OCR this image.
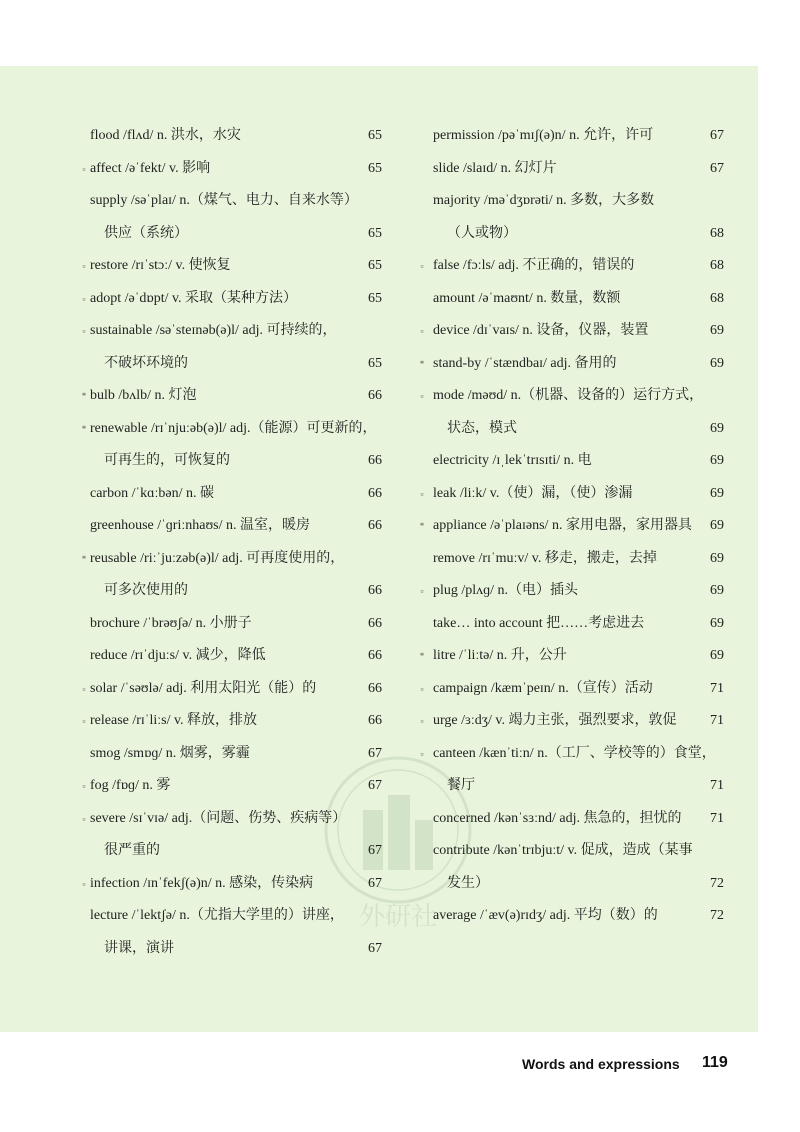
外研社
flood /flʌd/ n. 洪水，水灾	65
▫ affect /əˈfekt/ v. 影响	65
supply /səˈplaɪ/ n.（煤气、电力、自来水等）
供应（系统）	65
▫ restore /rɪˈstɔː/ v. 使恢复	65
▫ adopt /əˈdɒpt/ v. 采取（某种方法）	65
▫ sustainable /səˈsteɪnəb(ə)l/ adj. 可持续的，
不破坏环境的	65
* bulb /bʌlb/ n. 灯泡	66
* renewable /rɪˈnjuːəb(ə)l/ adj.（能源）可更新的，
可再生的，可恢复的	66
carbon /ˈkɑːbən/ n. 碳	66
greenhouse /ˈɡriːnhaʊs/ n. 温室，暖房	66
* reusable /riːˈjuːzəb(ə)l/ adj. 可再度使用的，
可多次使用的	66
brochure /ˈbrəʊʃə/ n. 小册子	66
reduce /rɪˈdjuːs/ v. 减少，降低	66
▫ solar /ˈsəʊlə/ adj. 利用太阳光（能）的	66
▫ release /rɪˈliːs/ v. 释放，排放	66
smog /smɒɡ/ n. 烟雾，雾霾	67
▫ fog /fɒɡ/ n. 雾	67
▫ severe /sɪˈvɪə/ adj.（问题、伤势、疾病等）
很严重的	67
▫ infection /ɪnˈfekʃ(ə)n/ n. 感染，传染病	67
lecture /ˈlektʃə/ n.（尤指大学里的）讲座，
讲课，演讲	67
permission /pəˈmɪʃ(ə)n/ n. 允许，许可	67
slide /slaɪd/ n. 幻灯片	67
majority /məˈdʒɒrəti/ n. 多数，大多数
（人或物）	68
▫ false /fɔːls/ adj. 不正确的，错误的	68
amount /əˈmaʊnt/ n. 数量，数额	68
▫ device /dɪˈvaɪs/ n. 设备，仪器，装置	69
* stand-by /ˈstændbaɪ/ adj. 备用的	69
▫ mode /məʊd/ n.（机器、设备的）运行方式，
状态，模式	69
electricity /ɪˌlekˈtrɪsɪti/ n. 电	69
▫ leak /liːk/ v.（使）漏，（使）渗漏	69
* appliance /əˈplaɪəns/ n. 家用电器，家用器具 69
remove /rɪˈmuːv/ v. 移走，搬走，去掉	69
▫ plug /plʌɡ/ n.（电）插头	69
take… into account 把……考虑进去	69
* litre /ˈliːtə/ n. 升，公升	69
▫ campaign /kæmˈpeɪn/ n.（宣传）活动	71
▫ urge /ɜːdʒ/ v. 竭力主张，强烈要求，敦促 71
▫ canteen /kænˈtiːn/ n.（工厂、学校等的）食堂，
餐厅	71
concerned /kənˈsɜːnd/ adj. 焦急的，担忧的 71
contribute /kənˈtrɪbjuːt/ v. 促成，造成（某事
发生）	72
average /ˈæv(ə)rɪdʒ/ adj. 平均（数）的	72
Words and expressions 119
